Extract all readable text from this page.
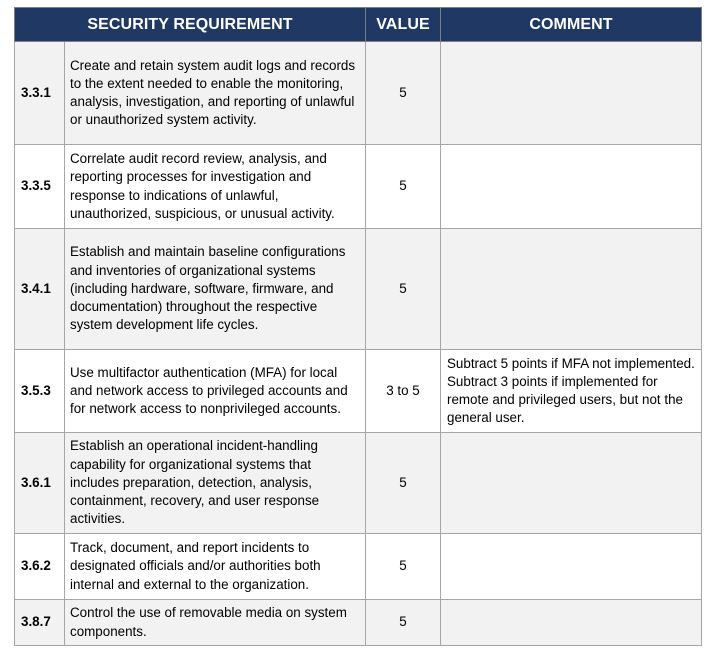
SECURITY REQUIREMENT		VALUE	COMMENT
3.3.1	Create and retain system audit logs and records to the extent needed to enable the monitoring, analysis, investigation, and reporting of unlawful or unauthorized system activity.	5	
3.3.5	Correlate audit record review, analysis, and reporting processes for investigation and response to indications of unlawful, unauthorized, suspicious, or unusual activity.	5	
3.4.1	Establish and maintain baseline configurations and inventories of organizational systems (including hardware, software, firmware, and documentation) throughout the respective system development life cycles.	5	
3.5.3	Use multifactor authentication (MFA) for local and network access to privileged accounts and for network access to nonprivileged accounts.	3 to 5	Subtract 5 points if MFA not implemented. Subtract 3 points if implemented for remote and privileged users, but not the general user.
3.6.1	Establish an operational incident-handling capability for organizational systems that includes preparation, detection, analysis, containment, recovery, and user response activities.	5	
3.6.2	Track, document, and report incidents to designated officials and/or authorities both internal and external to the organization.	5	
3.8.7	Control the use of removable media on system components.	5	
